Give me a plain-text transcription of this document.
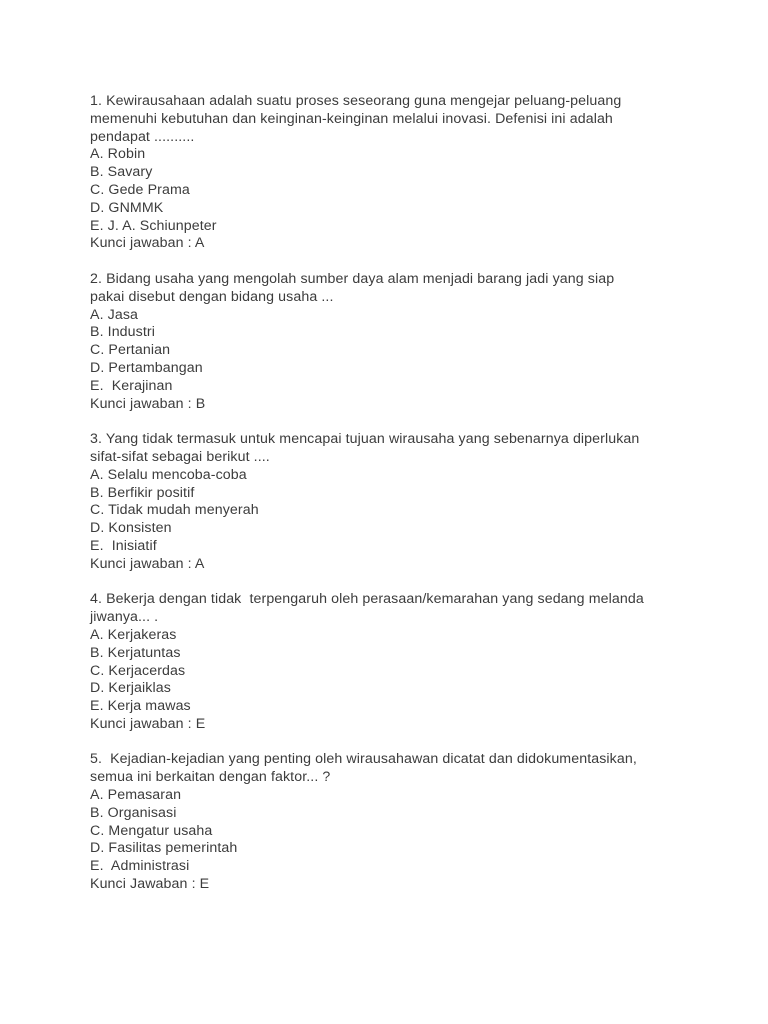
1. Kewirausahaan adalah suatu proses seseorang guna mengejar peluang-peluang
memenuhi kebutuhan dan keinginan-keinginan melalui inovasi. Defenisi ini adalah
pendapat ..........

A. Robin
B. Savary
C. Gede Prama
D. GNMMK
E. J. A. Schiunpeter

Kunci jawaban : A

2. Bidang usaha yang mengolah sumber daya alam menjadi barang jadi yang siap
pakai disebut dengan bidang usaha ...

A. Jasa
B. Industri
C. Pertanian
D. Pertambangan
E.  Kerajinan

Kunci jawaban : B

3. Yang tidak termasuk untuk mencapai tujuan wirausaha yang sebenarnya diperlukan
sifat-sifat sebagai berikut ....

A. Selalu mencoba-coba
B. Berfikir positif
C. Tidak mudah menyerah
D. Konsisten
E.  Inisiatif

Kunci jawaban : A

4. Bekerja dengan tidak  terpengaruh oleh perasaan/kemarahan yang sedang melanda
jiwanya... .

A. Kerjakeras
B. Kerjatuntas
C. Kerjacerdas
D. Kerjaiklas
E. Kerja mawas

Kunci jawaban : E

5.  Kejadian-kejadian yang penting oleh wirausahawan dicatat dan didokumentasikan,
semua ini berkaitan dengan faktor... ?

A. Pemasaran
B. Organisasi
C. Mengatur usaha
D. Fasilitas pemerintah
E.  Administrasi

Kunci Jawaban : E
